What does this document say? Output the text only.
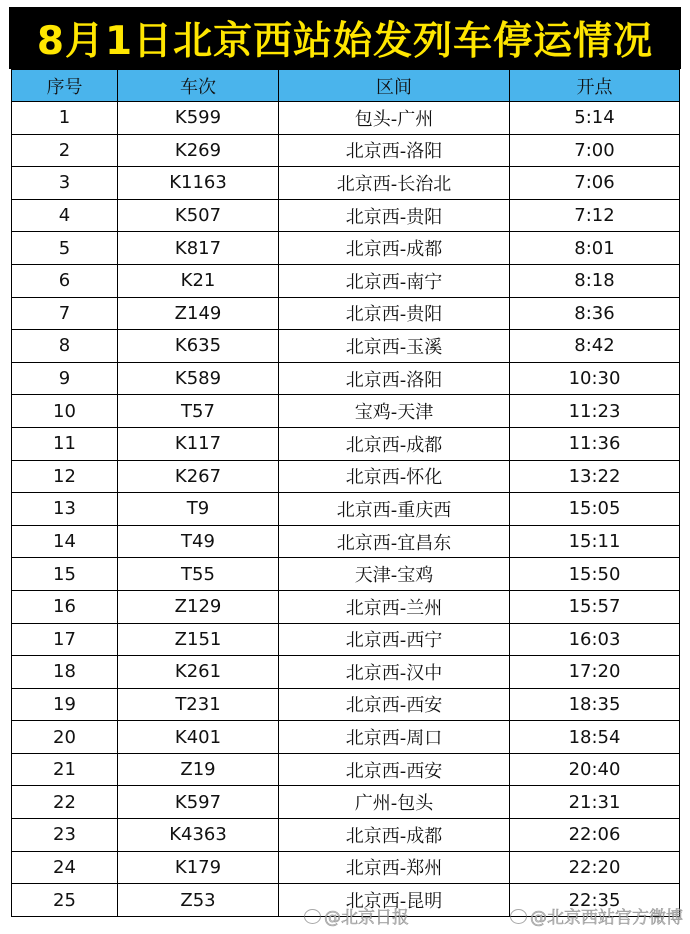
8月1日北京西站始发列车停运情况
序号	车次	区间	开点
1	K599	包头-广州	5:14
2	K269	北京西-洛阳	7:00
3	K1163	北京西-长治北	7:06
4	K507	北京西-贵阳	7:12
5	K817	北京西-成都	8:01
6	K21	北京西-南宁	8:18
7	Z149	北京西-贵阳	8:36
8	K635	北京西-玉溪	8:42
9	K589	北京西-洛阳	10:30
10	T57	宝鸡-天津	11:23
11	K117	北京西-成都	11:36
12	K267	北京西-怀化	13:22
13	T9	北京西-重庆西	15:05
14	T49	北京西-宜昌东	15:11
15	T55	天津-宝鸡	15:50
16	Z129	北京西-兰州	15:57
17	Z151	北京西-西宁	16:03
18	K261	北京西-汉中	17:20
19	T231	北京西-西安	18:35
20	K401	北京西-周口	18:54
21	Z19	北京西-西安	20:40
22	K597	广州-包头	21:31
23	K4363	北京西-成都	22:06
24	K179	北京西-郑州	22:20
25	Z53	北京西-昆明	22:35
@北京日报	@北京西站官方微博
